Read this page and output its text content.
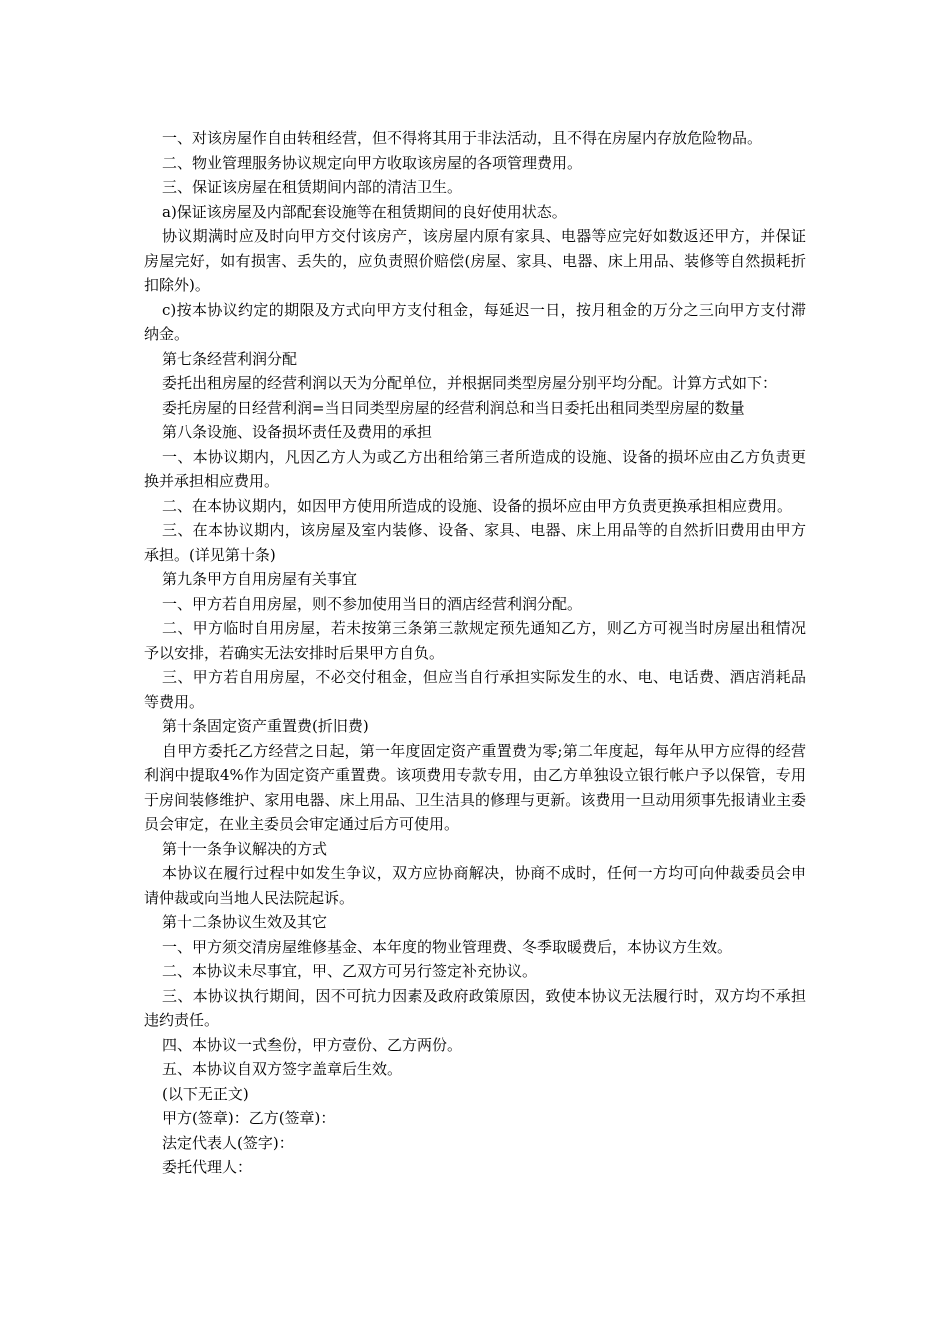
一、对该房屋作自由转租经营，但不得将其用于非法活动，且不得在房屋内存放危险物品。

二、物业管理服务协议规定向甲方收取该房屋的各项管理费用。

三、保证该房屋在租赁期间内部的清洁卫生。

a)保证该房屋及内部配套设施等在租赁期间的良好使用状态。

协议期满时应及时向甲方交付该房产，该房屋内原有家具、电器等应完好如数返还甲方，并保证房屋完好，如有损害、丢失的，应负责照价赔偿(房屋、家具、电器、床上用品、装修等自然损耗折扣除外)。

c)按本协议约定的期限及方式向甲方支付租金，每延迟一日，按月租金的万分之三向甲方支付滞纳金。

第七条经营利润分配

委托出租房屋的经营利润以天为分配单位，并根据同类型房屋分别平均分配。计算方式如下：

委托房屋的日经营利润=当日同类型房屋的经营利润总和当日委托出租同类型房屋的数量

第八条设施、设备损坏责任及费用的承担

一、本协议期内，凡因乙方人为或乙方出租给第三者所造成的设施、设备的损坏应由乙方负责更换并承担相应费用。

二、在本协议期内，如因甲方使用所造成的设施、设备的损坏应由甲方负责更换承担相应费用。

三、在本协议期内，该房屋及室内装修、设备、家具、电器、床上用品等的自然折旧费用由甲方承担。(详见第十条)

第九条甲方自用房屋有关事宜

一、甲方若自用房屋，则不参加使用当日的酒店经营利润分配。

二、甲方临时自用房屋，若未按第三条第三款规定预先通知乙方，则乙方可视当时房屋出租情况予以安排，若确实无法安排时后果甲方自负。

三、甲方若自用房屋，不必交付租金，但应当自行承担实际发生的水、电、电话费、酒店消耗品等费用。

第十条固定资产重置费(折旧费)

自甲方委托乙方经营之日起，第一年度固定资产重置费为零;第二年度起，每年从甲方应得的经营利润中提取4%作为固定资产重置费。该项费用专款专用，由乙方单独设立银行帐户予以保管，专用于房间装修维护、家用电器、床上用品、卫生洁具的修理与更新。该费用一旦动用须事先报请业主委员会审定，在业主委员会审定通过后方可使用。

第十一条争议解决的方式

本协议在履行过程中如发生争议，双方应协商解决，协商不成时，任何一方均可向仲裁委员会申请仲裁或向当地人民法院起诉。

第十二条协议生效及其它

一、甲方须交清房屋维修基金、本年度的物业管理费、冬季取暖费后，本协议方生效。

二、本协议未尽事宜，甲、乙双方可另行签定补充协议。

三、本协议执行期间，因不可抗力因素及政府政策原因，致使本协议无法履行时，双方均不承担违约责任。

四、本协议一式叁份，甲方壹份、乙方两份。

五、本协议自双方签字盖章后生效。

(以下无正文)

甲方(签章)：乙方(签章)：

法定代表人(签字)：

委托代理人：
